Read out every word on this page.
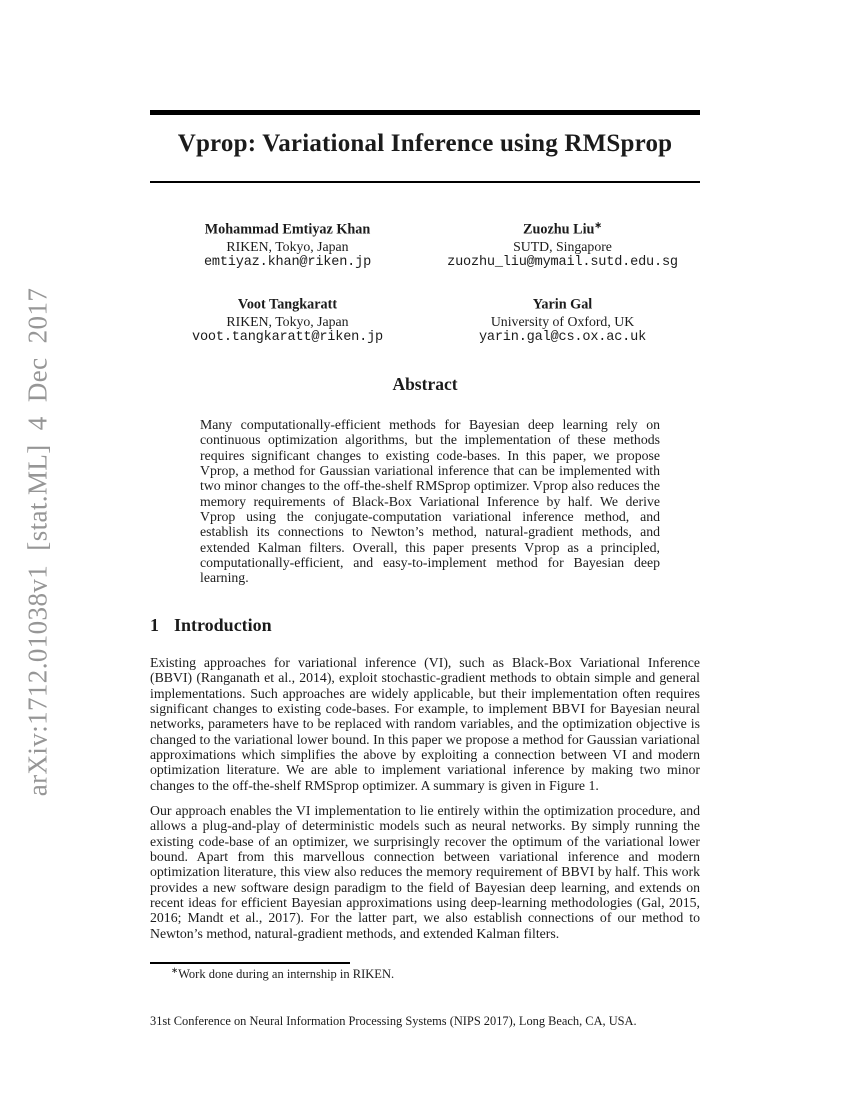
arXiv:1712.01038v1 [stat.ML] 4 Dec 2017
Vprop: Variational Inference using RMSprop
Mohammad Emtiyaz Khan
RIKEN, Tokyo, Japan
emtiyaz.khan@riken.jp
Zuozhu Liu∗
SUTD, Singapore
zuozhu_liu@mymail.sutd.edu.sg
Voot Tangkaratt
RIKEN, Tokyo, Japan
voot.tangkaratt@riken.jp
Yarin Gal
University of Oxford, UK
yarin.gal@cs.ox.ac.uk
Abstract

Many computationally-efficient methods for Bayesian deep learning rely on continuous optimization algorithms, but the implementation of these methods requires significant changes to existing code-bases. In this paper, we propose Vprop, a method for Gaussian variational inference that can be implemented with two minor changes to the off-the-shelf RMSprop optimizer. Vprop also reduces the memory requirements of Black-Box Variational Inference by half. We derive Vprop using the conjugate-computation variational inference method, and establish its connections to Newton’s method, natural-gradient methods, and extended Kalman filters. Overall, this paper presents Vprop as a principled, computationally-efficient, and easy-to-implement method for Bayesian deep learning.

1 Introduction

Existing approaches for variational inference (VI), such as Black-Box Variational Inference (BBVI) (Ranganath et al., 2014), exploit stochastic-gradient methods to obtain simple and general implementations. Such approaches are widely applicable, but their implementation often requires significant changes to existing code-bases. For example, to implement BBVI for Bayesian neural networks, parameters have to be replaced with random variables, and the optimization objective is changed to the variational lower bound. In this paper we propose a method for Gaussian variational approximations which simplifies the above by exploiting a connection between VI and modern optimization literature. We are able to implement variational inference by making two minor changes to the off-the-shelf RMSprop optimizer. A summary is given in Figure 1.

Our approach enables the VI implementation to lie entirely within the optimization procedure, and allows a plug-and-play of deterministic models such as neural networks. By simply running the existing code-base of an optimizer, we surprisingly recover the optimum of the variational lower bound. Apart from this marvellous connection between variational inference and modern optimization literature, this view also reduces the memory requirement of BBVI by half. This work provides a new software design paradigm to the field of Bayesian deep learning, and extends on recent ideas for efficient Bayesian approximations using deep-learning methodologies (Gal, 2015, 2016; Mandt et al., 2017). For the latter part, we also establish connections of our method to Newton’s method, natural-gradient methods, and extended Kalman filters.

∗Work done during an internship in RIKEN.
31st Conference on Neural Information Processing Systems (NIPS 2017), Long Beach, CA, USA.
